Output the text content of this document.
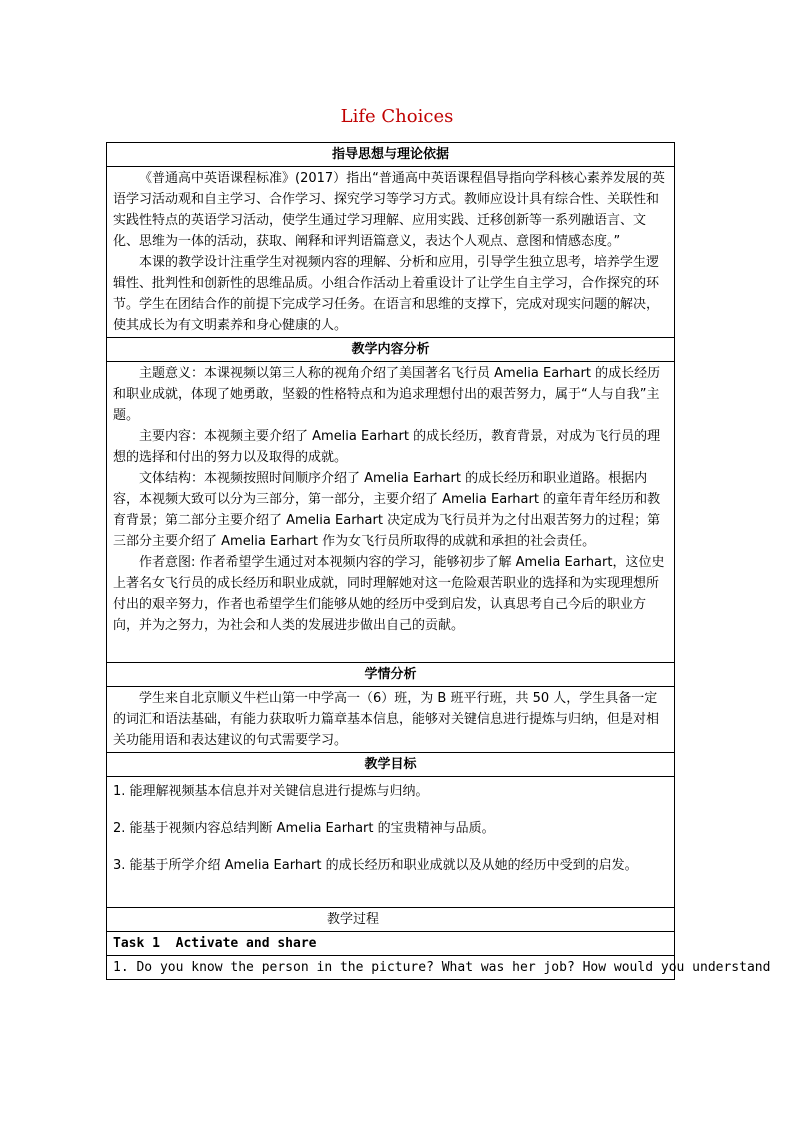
Life Choices
指导思想与理论依据

《普通高中英语课程标准》(2017）指出“普通高中英语课程倡导指向学科核心素养发展的英语学习活动观和自主学习、合作学习、探究学习等学习方式。教师应设计具有综合性、关联性和实践性特点的英语学习活动，使学生通过学习理解、应用实践、迁移创新等一系列融语言、文化、思维为一体的活动，获取、阐释和评判语篇意义，表达个人观点、意图和情感态度。”

本课的教学设计注重学生对视频内容的理解、分析和应用，引导学生独立思考，培养学生逻辑性、批判性和创新性的思维品质。小组合作活动上着重设计了让学生自主学习，合作探究的环节。学生在团结合作的前提下完成学习任务。在语言和思维的支撑下，完成对现实问题的解决，使其成长为有文明素养和身心健康的人。

教学内容分析

主题意义：本课视频以第三人称的视角介绍了美国著名飞行员 Amelia Earhart 的成长经历和职业成就，体现了她勇敢，坚毅的性格特点和为追求理想付出的艰苦努力，属于“人与自我”主题。

主要内容：本视频主要介绍了 Amelia Earhart 的成长经历，教育背景，对成为飞行员的理想的选择和付出的努力以及取得的成就。

文体结构：本视频按照时间顺序介绍了 Amelia Earhart 的成长经历和职业道路。根据内容，本视频大致可以分为三部分，第一部分，主要介绍了 Amelia Earhart 的童年青年经历和教育背景；第二部分主要介绍了 Amelia Earhart 决定成为飞行员并为之付出艰苦努力的过程；第三部分主要介绍了 Amelia Earhart 作为女飞行员所取得的成就和承担的社会责任。

作者意图: 作者希望学生通过对本视频内容的学习，能够初步了解 Amelia Earhart，这位史上著名女飞行员的成长经历和职业成就，同时理解她对这一危险艰苦职业的选择和为实现理想所付出的艰辛努力，作者也希望学生们能够从她的经历中受到启发，认真思考自己今后的职业方向，并为之努力，为社会和人类的发展进步做出自己的贡献。

学情分析

学生来自北京顺义牛栏山第一中学高一（6）班，为 B 班平行班，共 50 人，学生具备一定的词汇和语法基础，有能力获取听力篇章基本信息，能够对关键信息进行提炼与归纳，但是对相关功能用语和表达建议的句式需要学习。

教学目标

1. 能理解视频基本信息并对关键信息进行提炼与归纳。

2. 能基于视频内容总结判断 Amelia Earhart 的宝贵精神与品质。

3. 能基于所学介绍 Amelia Earhart 的成长经历和职业成就以及从她的经历中受到的启发。

教学过程
Task 1  Activate and share
1. Do you know the person in the picture? What was her job? How would you understand
